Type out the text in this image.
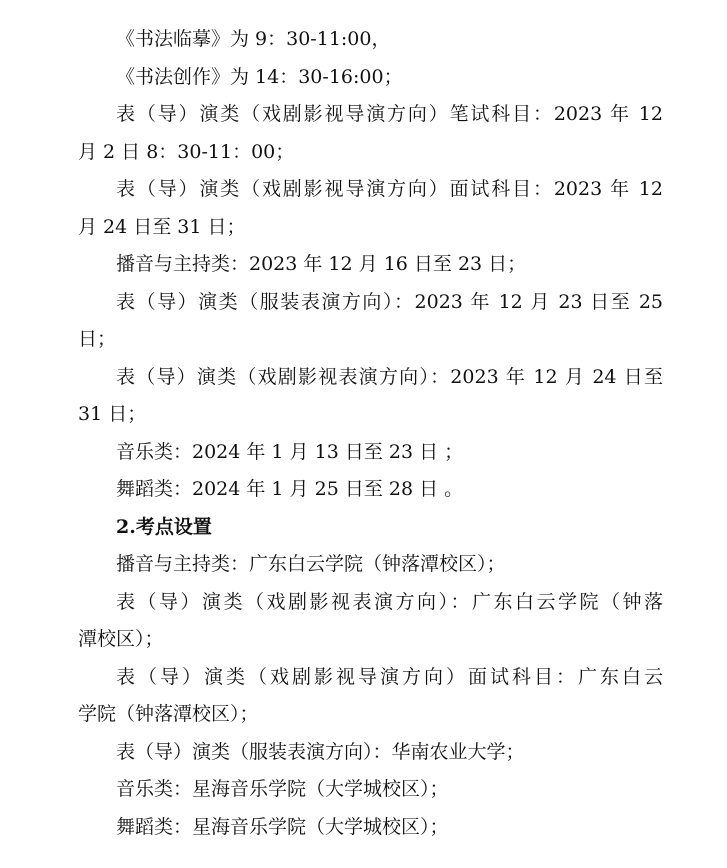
《书法临摹》为 9：30-11:00，
《书法创作》为 14：30-16:00；
表（导）演类（戏剧影视导演方向）笔试科目：2023 年 12
月 2 日 8：30-11：00；
表（导）演类（戏剧影视导演方向）面试科目：2023 年 12
月 24 日至 31 日；
播音与主持类：2023 年 12 月 16 日至 23 日；
表（导）演类（服装表演方向）：2023 年 12 月 23 日至 25
日；
表（导）演类（戏剧影视表演方向）：2023 年 12 月 24 日至
31 日；
音乐类：2024 年 1 月 13 日至 23 日 ；
舞蹈类：2024 年 1 月 25 日至 28 日 。
2.考点设置
播音与主持类：广东白云学院（钟落潭校区）；
表（导）演类（戏剧影视表演方向）：广东白云学院（钟落
潭校区）；
表（导）演类（戏剧影视导演方向）面试科目：广东白云
学院（钟落潭校区）；
表（导）演类（服装表演方向）：华南农业大学；
音乐类：星海音乐学院（大学城校区）；
舞蹈类：星海音乐学院（大学城校区）；
